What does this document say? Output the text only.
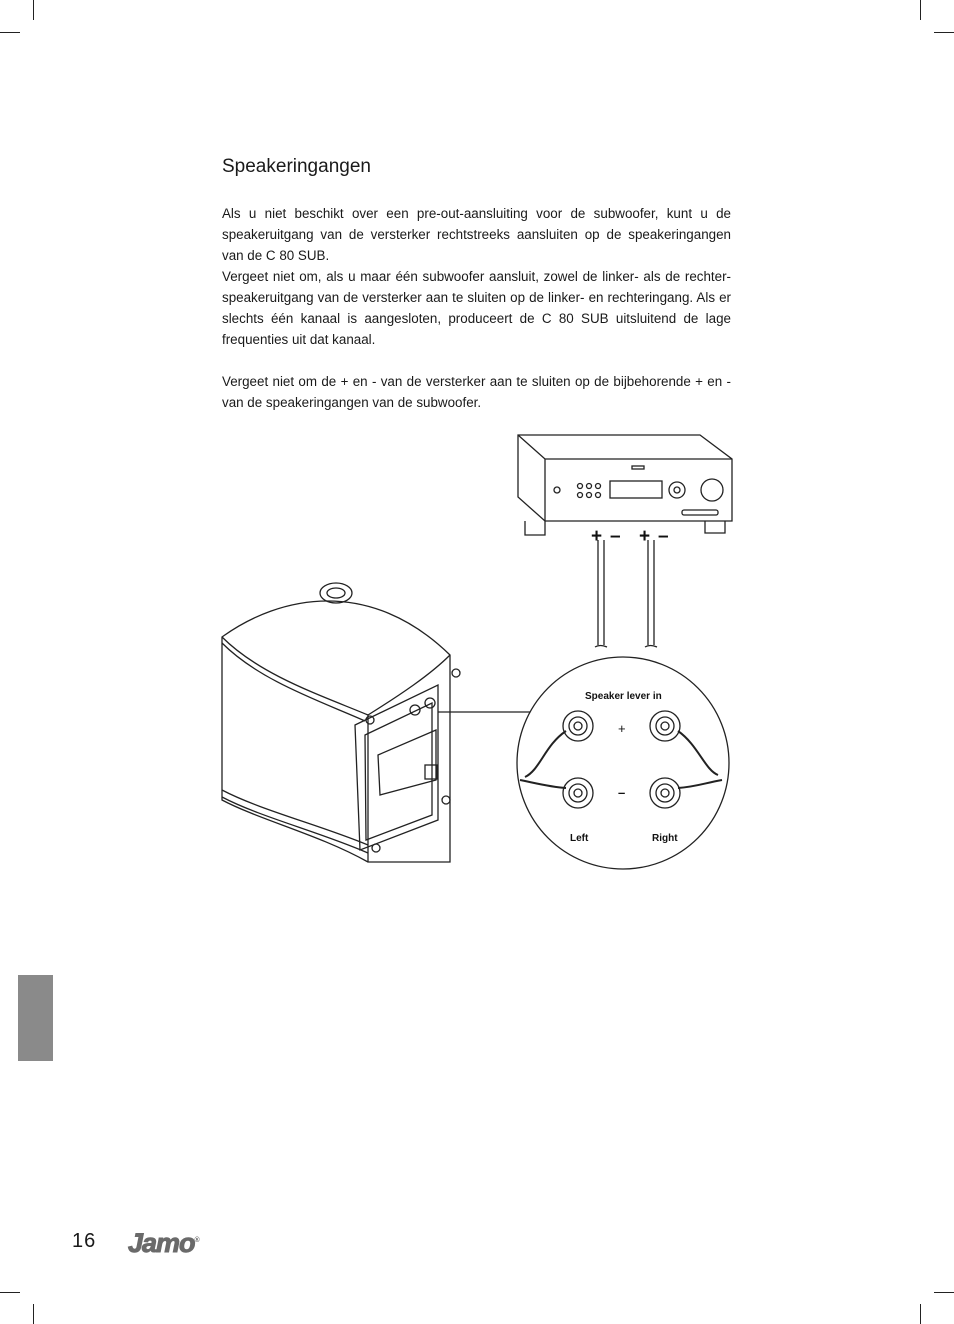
Speakeringangen

Als u niet beschikt over een pre-out-aansluiting voor de subwoofer, kunt u de speakeruitgang van de versterker rechtstreeks aansluiten op de speakeringangen van de C 80 SUB.

Vergeet niet om, als u maar één subwoofer aansluit, zowel de linker- als de rechter-speakeruitgang van de versterker aan te sluiten op de linker- en rechteringang. Als er slechts één kanaal is aangesloten, produceert de C 80 SUB uitsluitend de lage frequenties uit dat kanaal.

Vergeet niet om de + en - van de versterker aan te sluiten op de bijbehorende + en - van de speakeringangen van de subwoofer.

+ – + –
Speaker lever in
+
–
Left	Right
16 Jamo®
